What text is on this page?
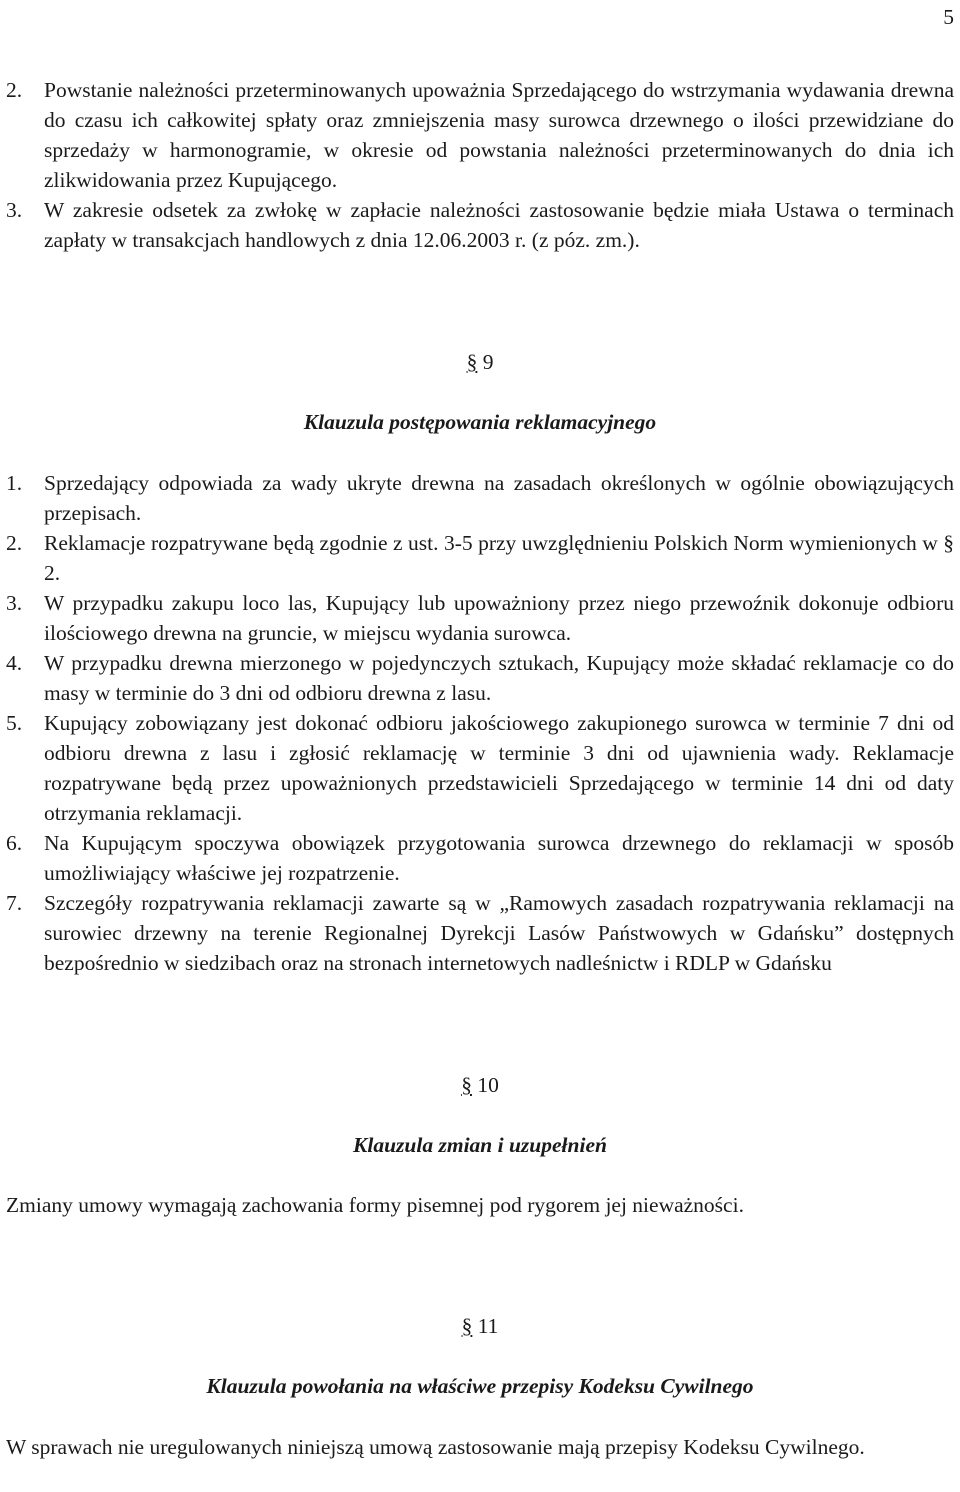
5

2. Powstanie należności przeterminowanych upoważnia Sprzedającego do wstrzymania wydawania drewna do czasu ich całkowitej spłaty oraz zmniejszenia masy surowca drzewnego o ilości przewidziane do sprzedaży w harmonogramie, w okresie od powstania należności przeterminowanych do dnia ich zlikwidowania przez Kupującego.

3. W zakresie odsetek za zwłokę w zapłacie należności zastosowanie będzie miała Ustawa o terminach zapłaty w transakcjach handlowych z dnia 12.06.2003 r. (z póz. zm.).

§ 9

Klauzula postępowania reklamacyjnego

1. Sprzedający odpowiada za wady ukryte drewna na zasadach określonych w ogólnie obowiązujących przepisach.

2. Reklamacje rozpatrywane będą zgodnie z ust. 3-5 przy uwzględnieniu Polskich Norm wymienionych w § 2.

3. W przypadku zakupu loco las, Kupujący lub upoważniony przez niego przewoźnik dokonuje odbioru ilościowego drewna na gruncie, w miejscu wydania surowca.

4. W przypadku drewna mierzonego w pojedynczych sztukach, Kupujący może składać reklamacje co do masy w terminie do 3 dni od odbioru drewna z lasu.

5. Kupujący zobowiązany jest dokonać odbioru jakościowego zakupionego surowca w terminie 7 dni od odbioru drewna z lasu i zgłosić reklamację w terminie 3 dni od ujawnienia wady. Reklamacje rozpatrywane będą przez upoważnionych przedstawicieli Sprzedającego w terminie 14 dni od daty otrzymania reklamacji.

6. Na Kupującym spoczywa obowiązek przygotowania surowca drzewnego do reklamacji w sposób umożliwiający właściwe jej rozpatrzenie.

7. Szczegóły rozpatrywania reklamacji zawarte są w „Ramowych zasadach rozpatrywania reklamacji na surowiec drzewny na terenie Regionalnej Dyrekcji Lasów Państwowych w Gdańsku” dostępnych bezpośrednio w siedzibach oraz na stronach internetowych nadleśnictw i RDLP w Gdańsku

§ 10

Klauzula zmian i uzupełnień

Zmiany umowy wymagają zachowania formy pisemnej pod rygorem jej nieważności.

§ 11

Klauzula powołania na właściwe przepisy Kodeksu Cywilnego

W sprawach nie uregulowanych niniejszą umową zastosowanie mają przepisy Kodeksu Cywilnego.
